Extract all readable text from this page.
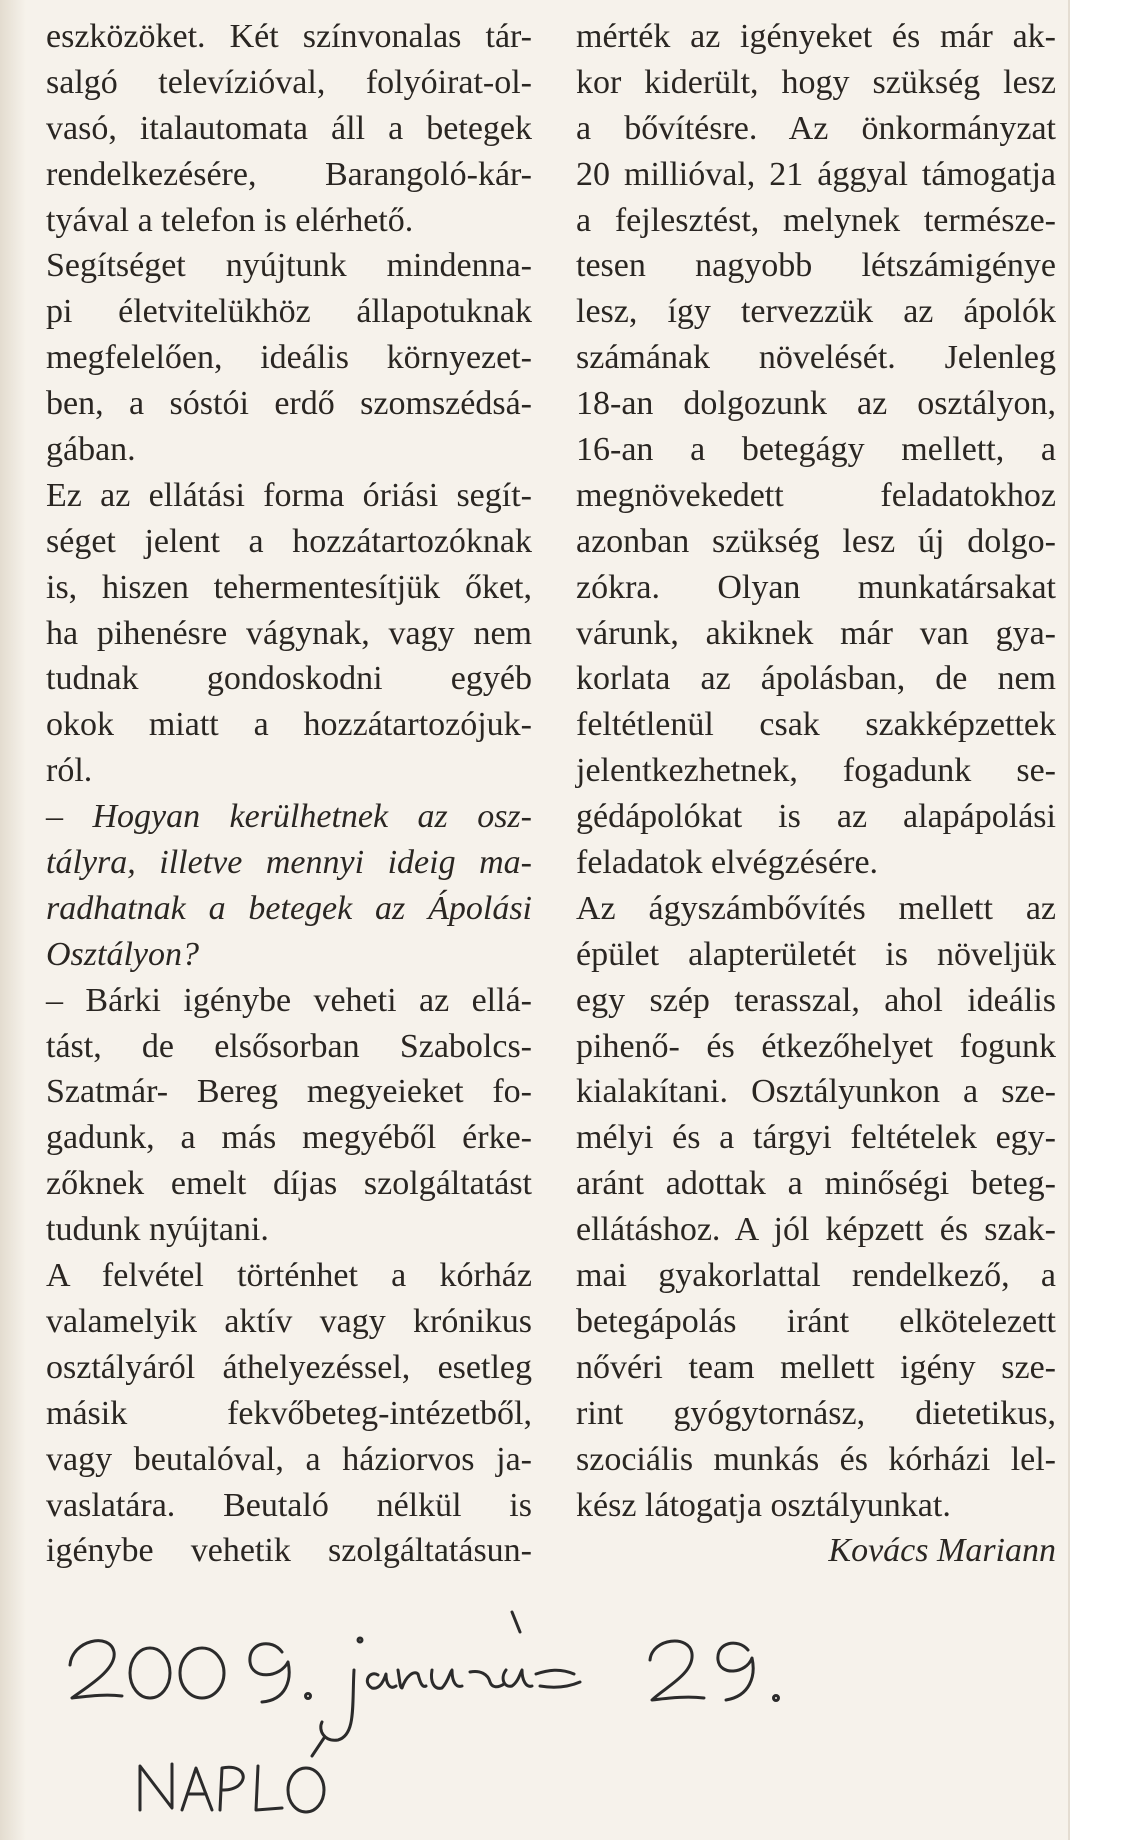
eszközöket. Két színvonalas tár-
salgó televízióval, folyóirat-ol-
vasó, italautomata áll a betegek
rendelkezésére, Barangoló-kár-
tyával a telefon is elérhető.
Segítséget nyújtunk mindenna-
pi életvitelükhöz állapotuknak
megfelelően, ideális környezet-
ben, a sóstói erdő szomszédsá-
gában.
Ez az ellátási forma óriási segít-
séget jelent a hozzátartozóknak
is, hiszen tehermentesítjük őket,
ha pihenésre vágynak, vagy nem
tudnak gondoskodni egyéb
okok miatt a hozzátartozójuk-
ról.
– Hogyan kerülhetnek az osz-
tályra, illetve mennyi ideig ma-
radhatnak a betegek az Ápolási
Osztályon?
– Bárki igénybe veheti az ellá-
tást, de elsősorban Szabolcs-
Szatmár- Bereg megyeieket fo-
gadunk, a más megyéből érke-
zőknek emelt díjas szolgáltatást
tudunk nyújtani.
A felvétel történhet a kórház
valamelyik aktív vagy krónikus
osztályáról áthelyezéssel, esetleg
másik fekvőbeteg-intézetből,
vagy beutalóval, a háziorvos ja-
vaslatára. Beutaló nélkül is
igénybe vehetik szolgáltatásun-
mérték az igényeket és már ak-
kor kiderült, hogy szükség lesz
a bővítésre. Az önkormányzat
20 millióval, 21 ággyal támogatja
a fejlesztést, melynek természe-
tesen nagyobb létszámigénye
lesz, így tervezzük az ápolók
számának növelését. Jelenleg
18-an dolgozunk az osztályon,
16-an a betegágy mellett, a
megnövekedett feladatokhoz
azonban szükség lesz új dolgo-
zókra. Olyan munkatársakat
várunk, akiknek már van gya-
korlata az ápolásban, de nem
feltétlenül csak szakképzettek
jelentkezhetnek, fogadunk se-
gédápolókat is az alapápolási
feladatok elvégzésére.
Az ágyszámbővítés mellett az
épület alapterületét is növeljük
egy szép terasszal, ahol ideális
pihenő- és étkezőhelyet fogunk
kialakítani. Osztályunkon a sze-
mélyi és a tárgyi feltételek egy-
aránt adottak a minőségi beteg-
ellátáshoz. A jól képzett és szak-
mai gyakorlattal rendelkező, a
betegápolás iránt elkötelezett
nővéri team mellett igény sze-
rint gyógytornász, dietetikus,
szociális munkás és kórházi lel-
kész látogatja osztályunkat.
Kovács Mariann
